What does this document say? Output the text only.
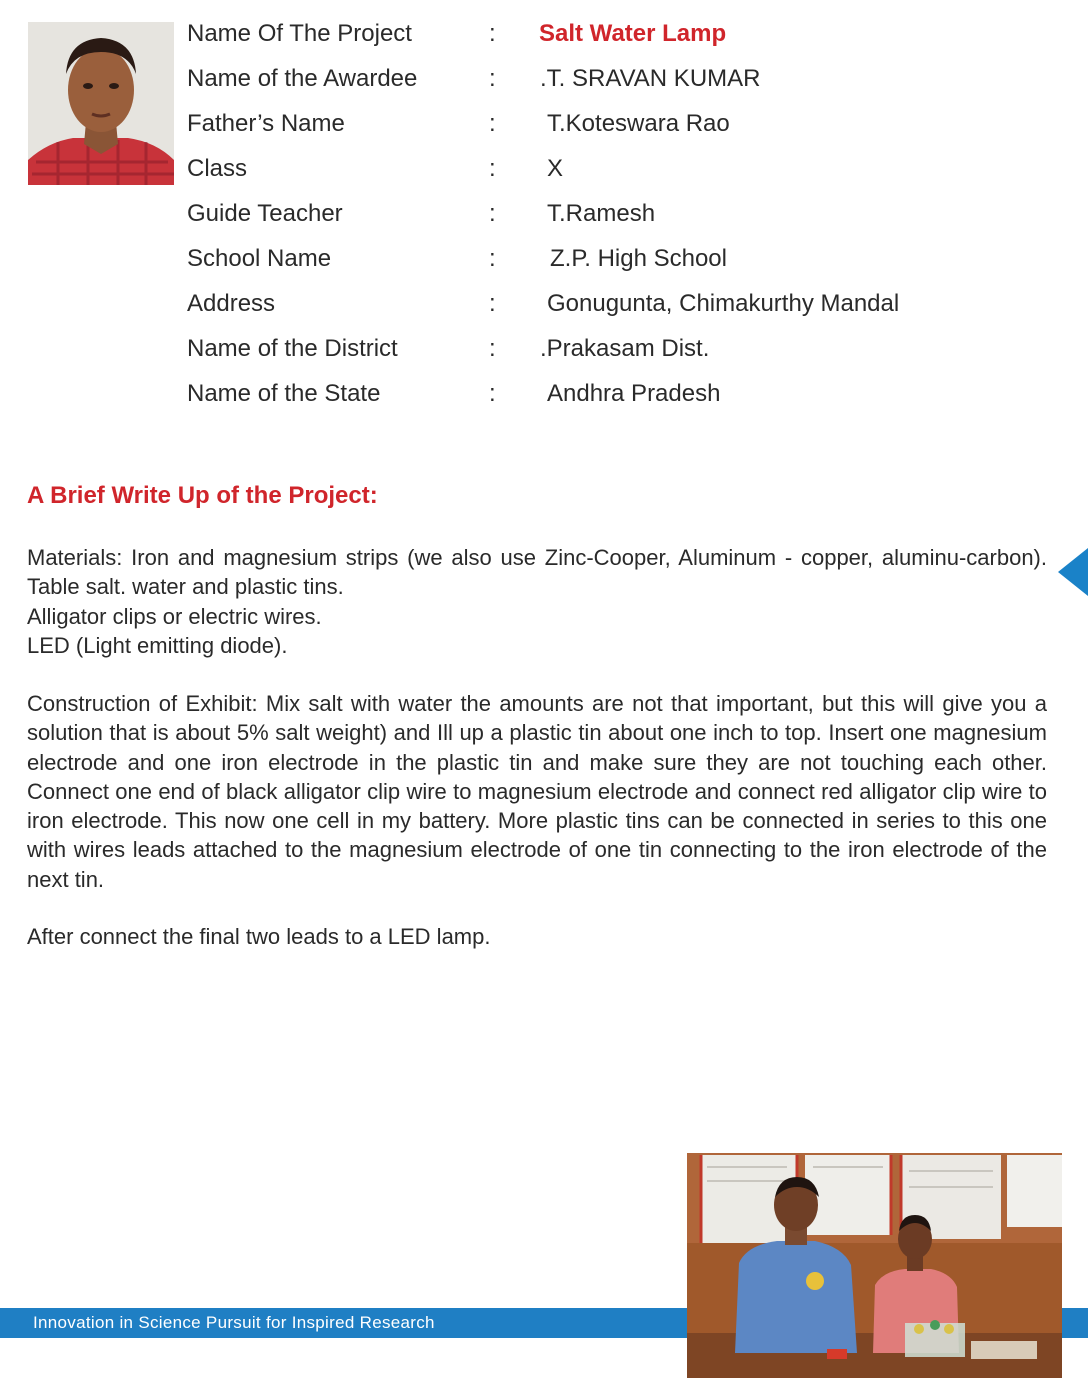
Name Of The Project	: Salt Water Lamp
Name of the Awardee	: .T. SRAVAN KUMAR
Father’s Name	: T.Koteswara Rao
Class	: X
Guide Teacher	: T.Ramesh
School Name	: Z.P. High School
Address	: Gonugunta, Chimakurthy Mandal
Name of the District	: .Prakasam Dist.
Name of the State	: Andhra Pradesh
A Brief Write Up of the Project:

Materials: Iron and magnesium strips (we also use Zinc-Cooper, Aluminum - copper, aluminu-carbon). Table salt. water and plastic tins.

Alligator clips or electric wires.

LED (Light emitting diode).

Construction of Exhibit: Mix salt with water the amounts are not that important, but this will give you a solution that is about 5% salt weight) and Ill up a plastic tin about one inch to top. Insert one magnesium electrode and one iron electrode in the plastic tin and make sure they are not touching each other. Connect one end of black alligator clip wire to magnesium electrode and connect red alligator clip wire to iron electrode. This now one cell in my battery. More plastic tins can be connected in series to this one with wires leads attached to the magnesium electrode of one tin connecting to the iron electrode of the next tin.
After connect the final two leads to a LED lamp.
Innovation in Science Pursuit for Inspired Research
